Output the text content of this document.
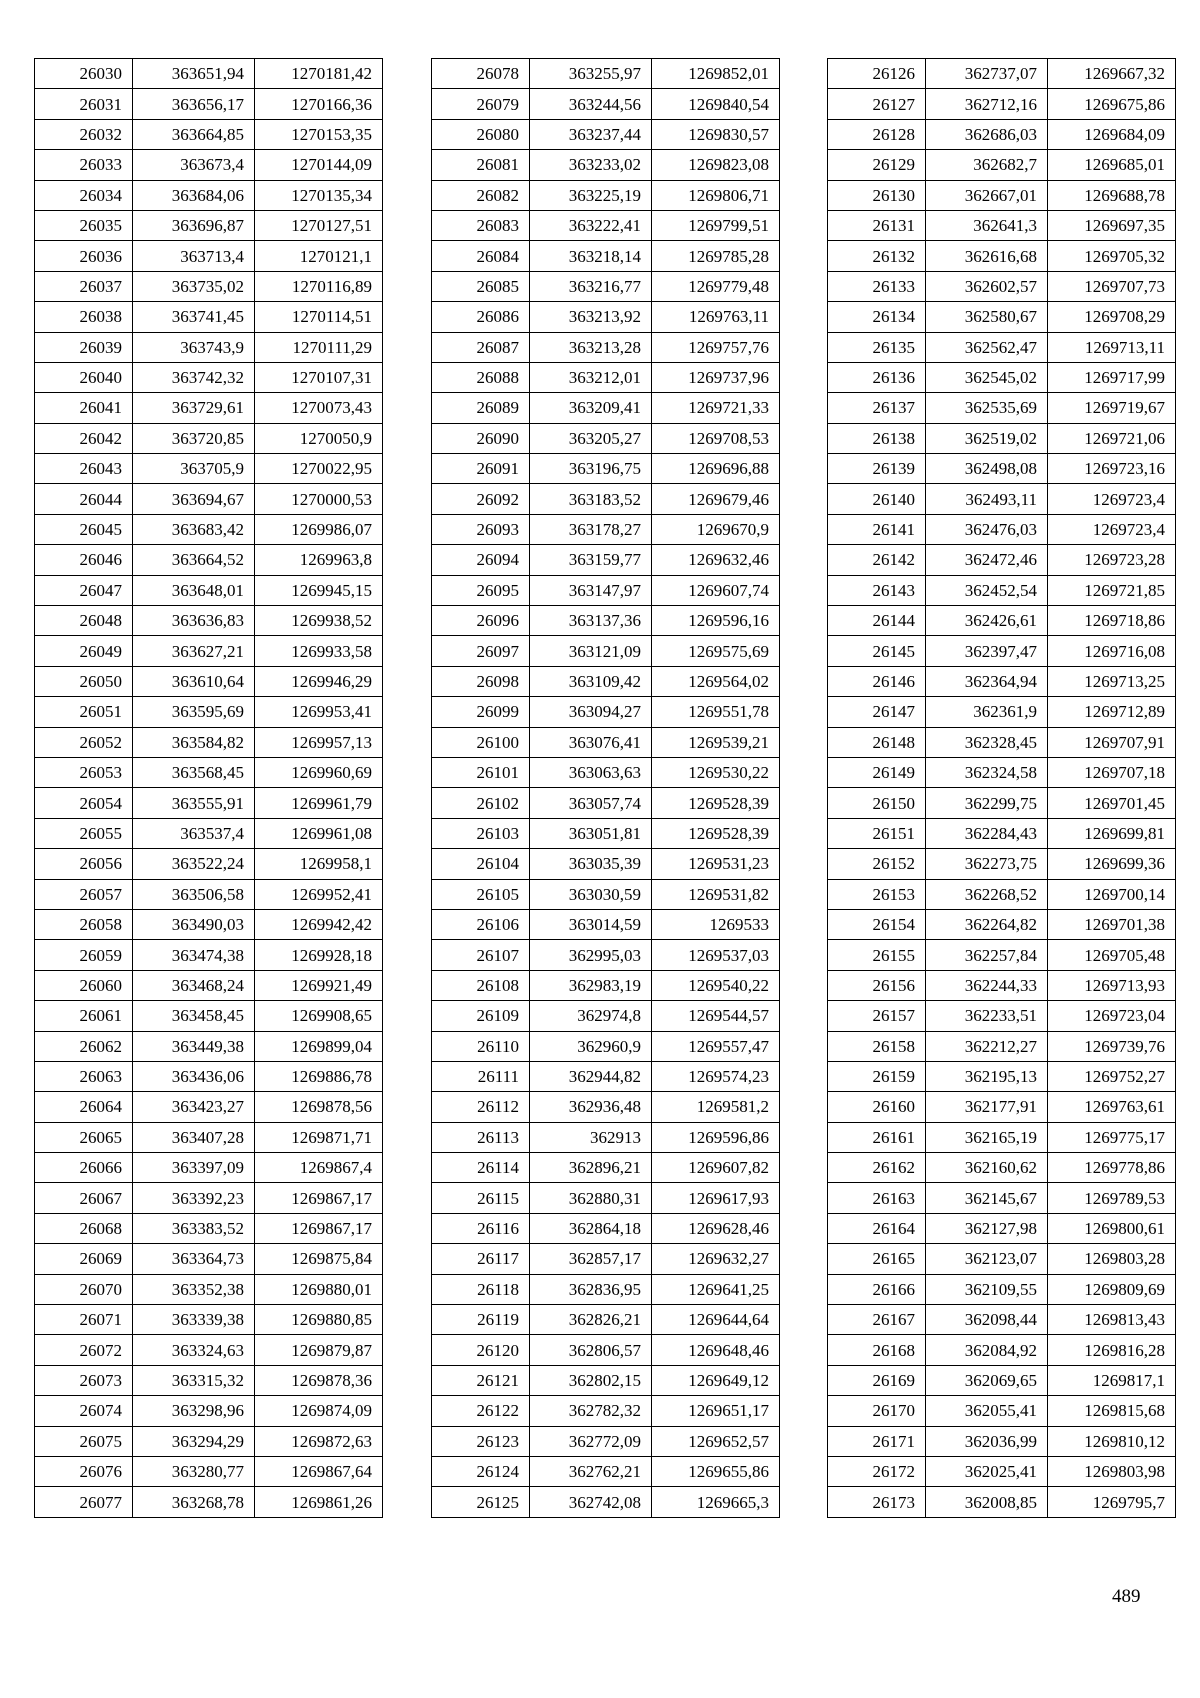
26030	363651,94	1270181,42
26031	363656,17	1270166,36
26032	363664,85	1270153,35
26033	363673,4	1270144,09
26034	363684,06	1270135,34
26035	363696,87	1270127,51
26036	363713,4	1270121,1
26037	363735,02	1270116,89
26038	363741,45	1270114,51
26039	363743,9	1270111,29
26040	363742,32	1270107,31
26041	363729,61	1270073,43
26042	363720,85	1270050,9
26043	363705,9	1270022,95
26044	363694,67	1270000,53
26045	363683,42	1269986,07
26046	363664,52	1269963,8
26047	363648,01	1269945,15
26048	363636,83	1269938,52
26049	363627,21	1269933,58
26050	363610,64	1269946,29
26051	363595,69	1269953,41
26052	363584,82	1269957,13
26053	363568,45	1269960,69
26054	363555,91	1269961,79
26055	363537,4	1269961,08
26056	363522,24	1269958,1
26057	363506,58	1269952,41
26058	363490,03	1269942,42
26059	363474,38	1269928,18
26060	363468,24	1269921,49
26061	363458,45	1269908,65
26062	363449,38	1269899,04
26063	363436,06	1269886,78
26064	363423,27	1269878,56
26065	363407,28	1269871,71
26066	363397,09	1269867,4
26067	363392,23	1269867,17
26068	363383,52	1269867,17
26069	363364,73	1269875,84
26070	363352,38	1269880,01
26071	363339,38	1269880,85
26072	363324,63	1269879,87
26073	363315,32	1269878,36
26074	363298,96	1269874,09
26075	363294,29	1269872,63
26076	363280,77	1269867,64
26077	363268,78	1269861,26
26078	363255,97	1269852,01
26079	363244,56	1269840,54
26080	363237,44	1269830,57
26081	363233,02	1269823,08
26082	363225,19	1269806,71
26083	363222,41	1269799,51
26084	363218,14	1269785,28
26085	363216,77	1269779,48
26086	363213,92	1269763,11
26087	363213,28	1269757,76
26088	363212,01	1269737,96
26089	363209,41	1269721,33
26090	363205,27	1269708,53
26091	363196,75	1269696,88
26092	363183,52	1269679,46
26093	363178,27	1269670,9
26094	363159,77	1269632,46
26095	363147,97	1269607,74
26096	363137,36	1269596,16
26097	363121,09	1269575,69
26098	363109,42	1269564,02
26099	363094,27	1269551,78
26100	363076,41	1269539,21
26101	363063,63	1269530,22
26102	363057,74	1269528,39
26103	363051,81	1269528,39
26104	363035,39	1269531,23
26105	363030,59	1269531,82
26106	363014,59	1269533
26107	362995,03	1269537,03
26108	362983,19	1269540,22
26109	362974,8	1269544,57
26110	362960,9	1269557,47
26111	362944,82	1269574,23
26112	362936,48	1269581,2
26113	362913	1269596,86
26114	362896,21	1269607,82
26115	362880,31	1269617,93
26116	362864,18	1269628,46
26117	362857,17	1269632,27
26118	362836,95	1269641,25
26119	362826,21	1269644,64
26120	362806,57	1269648,46
26121	362802,15	1269649,12
26122	362782,32	1269651,17
26123	362772,09	1269652,57
26124	362762,21	1269655,86
26125	362742,08	1269665,3
26126	362737,07	1269667,32
26127	362712,16	1269675,86
26128	362686,03	1269684,09
26129	362682,7	1269685,01
26130	362667,01	1269688,78
26131	362641,3	1269697,35
26132	362616,68	1269705,32
26133	362602,57	1269707,73
26134	362580,67	1269708,29
26135	362562,47	1269713,11
26136	362545,02	1269717,99
26137	362535,69	1269719,67
26138	362519,02	1269721,06
26139	362498,08	1269723,16
26140	362493,11	1269723,4
26141	362476,03	1269723,4
26142	362472,46	1269723,28
26143	362452,54	1269721,85
26144	362426,61	1269718,86
26145	362397,47	1269716,08
26146	362364,94	1269713,25
26147	362361,9	1269712,89
26148	362328,45	1269707,91
26149	362324,58	1269707,18
26150	362299,75	1269701,45
26151	362284,43	1269699,81
26152	362273,75	1269699,36
26153	362268,52	1269700,14
26154	362264,82	1269701,38
26155	362257,84	1269705,48
26156	362244,33	1269713,93
26157	362233,51	1269723,04
26158	362212,27	1269739,76
26159	362195,13	1269752,27
26160	362177,91	1269763,61
26161	362165,19	1269775,17
26162	362160,62	1269778,86
26163	362145,67	1269789,53
26164	362127,98	1269800,61
26165	362123,07	1269803,28
26166	362109,55	1269809,69
26167	362098,44	1269813,43
26168	362084,92	1269816,28
26169	362069,65	1269817,1
26170	362055,41	1269815,68
26171	362036,99	1269810,12
26172	362025,41	1269803,98
26173	362008,85	1269795,7
489
